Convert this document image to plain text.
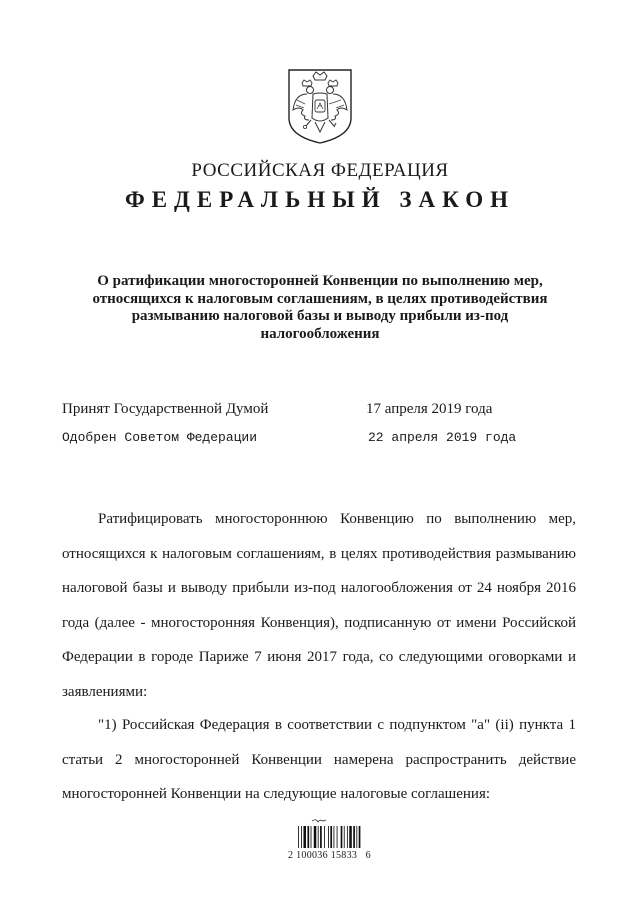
РОССИЙСКАЯ ФЕДЕРАЦИЯ
ФЕДЕРАЛЬНЫЙ ЗАКОН
О ратификации многосторонней Конвенции по выполнению мер, относящихся к налоговым соглашениям, в целях противодействия размыванию налоговой базы и выводу прибыли из-под налогообложения
Принят Государственной Думой	17 апреля 2019 года
Одобрен Советом Федерации	22 апреля 2019 года

Ратифицировать многостороннюю Конвенцию по выполнению мер, относящихся к налоговым соглашениям, в целях противодействия размыванию налоговой базы и выводу прибыли из-под налогообложения от 24 ноября 2016 года (далее - многосторонняя Конвенция), подписанную от имени Российской Федерации в городе Париже 7 июня 2017 года, со следующими оговорками и заявлениями:

"1) Российская Федерация в соответствии с подпунктом "a" (ii) пункта 1 статьи 2 многосторонней Конвенции намерена распространить действие многосторонней Конвенции на следующие налоговые соглашения:

2 100036 15833   6
